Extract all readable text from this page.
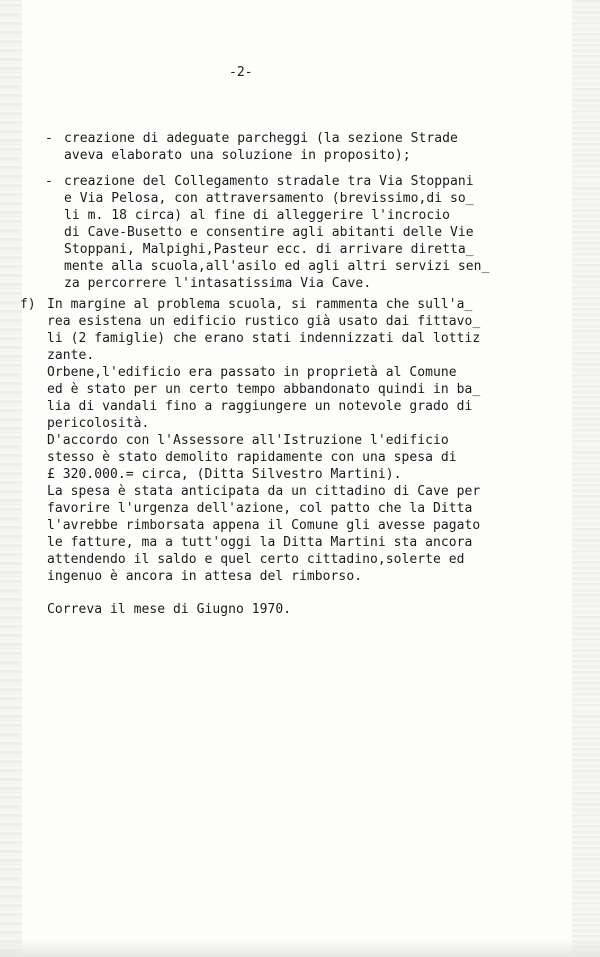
-2-
- creazione di adeguate parcheggi (la sezione Strade
aveva elaborato una soluzione in proposito);
- creazione del Collegamento stradale tra Via Stoppani
e Via Pelosa, con attraversamento (brevissimo,di so_
li m. 18 circa) al fine di alleggerire l'incrocio
di Cave-Busetto e consentire agli abitanti delle Vie
Stoppani, Malpighi,Pasteur ecc. di arrivare diretta_
mente alla scuola,all'asilo ed agli altri servizi sen_
za percorrere l'intasatissima Via Cave.
f) In margine al problema scuola, si rammenta che sull'a_
rea esistena un edificio rustico già usato dai fittavo_
li (2 famiglie) che erano stati indennizzati dal lottiz
zante.
Orbene,l'edificio era passato in proprietà al Comune
ed è stato per un certo tempo abbandonato quindi in ba_
lia di vandali fino a raggiungere un notevole grado di
pericolosità.
D'accordo con l'Assessore all'Istruzione l'edificio
stesso è stato demolito rapidamente con una spesa di
£ 320.000.= circa, (Ditta Silvestro Martini).
La spesa è stata anticipata da un cittadino di Cave per
favorire l'urgenza dell'azione, col patto che la Ditta
l'avrebbe rimborsata appena il Comune gli avesse pagato
le fatture, ma a tutt'oggi la Ditta Martini sta ancora
attendendo il saldo e quel certo cittadino,solerte ed
ingenuo è ancora in attesa del rimborso.
Correva il mese di Giugno 1970.
